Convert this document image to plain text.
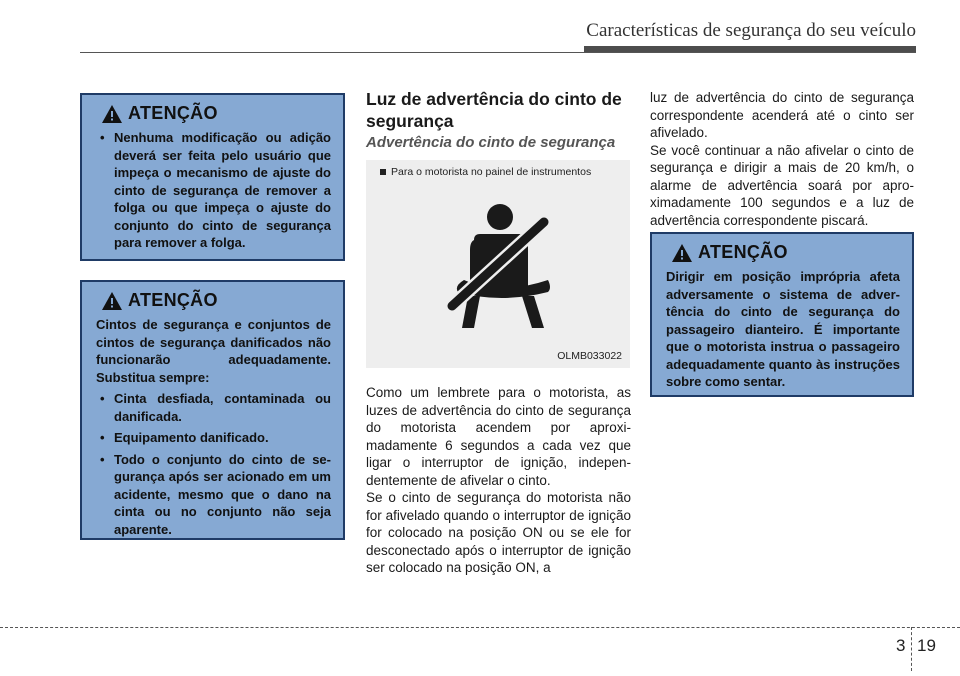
Características de segurança do seu veículo
ATENÇÃO
• Nenhuma modificação ou adição deverá ser feita pelo usuário que impeça o mecanismo de ajuste do cinto de segurança de remover a folga ou que impeça o ajuste do conjunto do cinto de segurança para remover a folga.
ATENÇÃO

Cintos de segurança e conjuntos de cintos de segurança danificados não funcionarão adequadamente. Substitua sempre:

• Cinta desfiada, contaminada ou danificada.
• Equipamento danificado.
• Todo o conjunto do cinto de segurança após ser acionado em um acidente, mesmo que o dano na cinta ou no conjunto não seja aparente.
Luz de advertência do cinto de segurança
Advertência do cinto de segurança
Para o motorista no painel de instrumentos
OLMB033022

Como um lembrete para o motorista, as luzes de advertência do cinto de segurança do motorista acendem por aproximadamente 6 segundos a cada vez que ligar o interruptor de ignição, independentemente de afivelar o cinto.

Se o cinto de segurança do motorista não for afivelado quando o interruptor de ignição for colocado na posição ON ou se ele for desconectado após o interruptor de ignição ser colocado na posição ON, a

luz de advertência do cinto de segurança correspondente acenderá até o cinto ser afivelado.

Se você continuar a não afivelar o cinto de segurança e dirigir a mais de 20 km/h, o alarme de advertência soará por aproximadamente 100 segundos e a luz de advertência correspondente piscará.

ATENÇÃO

Dirigir em posição imprópria afeta adversamente o sistema de advertência do cinto de segurança do passageiro dianteiro. É importante que o motorista instrua o passageiro adequadamente quanto às instruções sobre como sentar.

3 19
